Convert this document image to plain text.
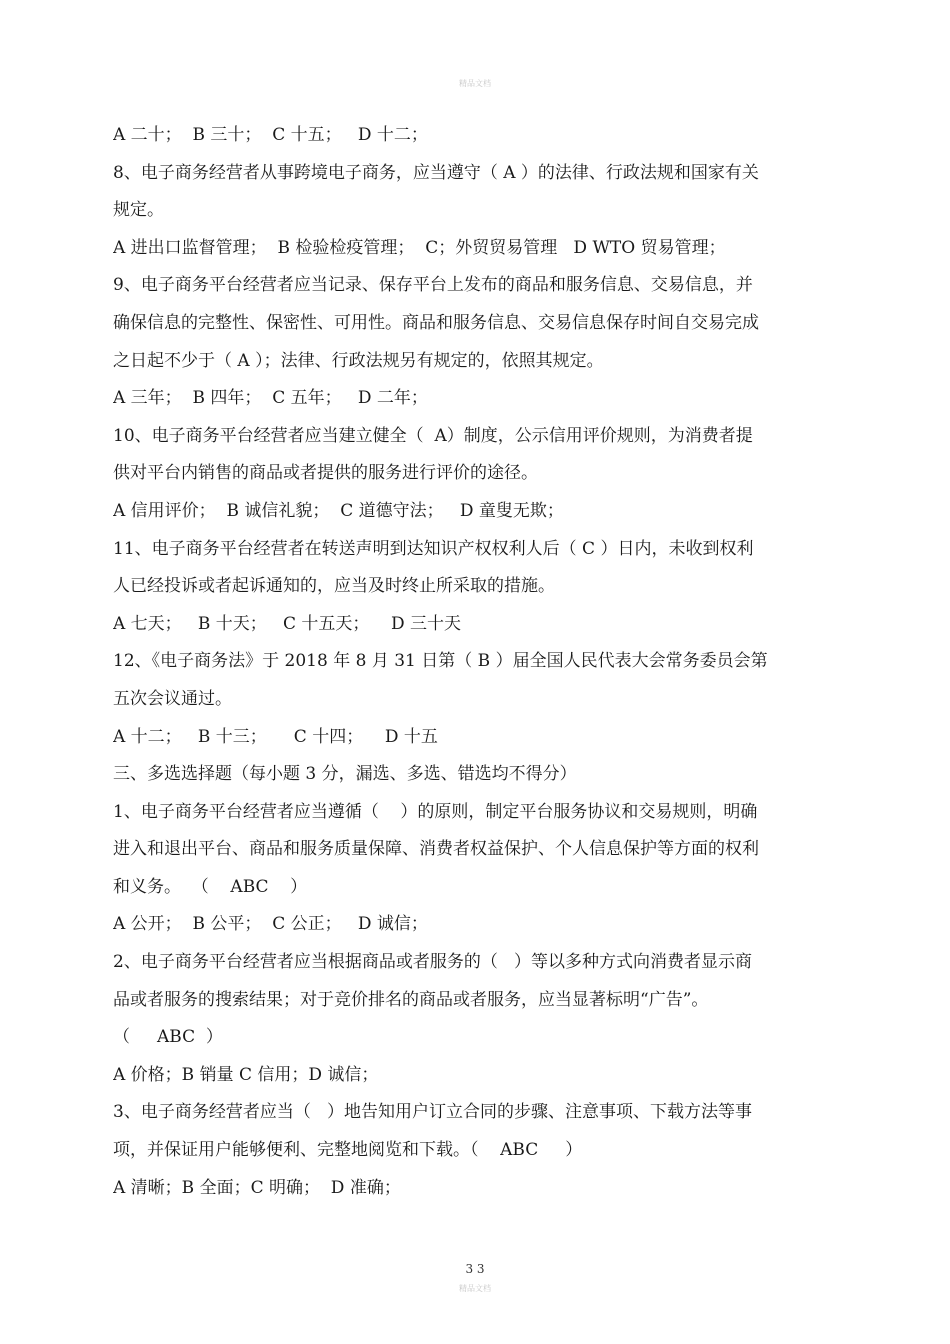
精品文档
A 二十；  B 三十；  C 十五；   D 十二；
8、电子商务经营者从事跨境电子商务，应当遵守（ A ）的法律、行政法规和国家有关
规定。
A 进出口监督管理；  B 检验检疫管理；  C；外贸贸易管理   D WTO 贸易管理；
9、电子商务平台经营者应当记录、保存平台上发布的商品和服务信息、交易信息，并
确保信息的完整性、保密性、可用性。商品和服务信息、交易信息保存时间自交易完成
之日起不少于（ A ）；法律、行政法规另有规定的，依照其规定。
A 三年；  B 四年；  C 五年；   D 二年；
10、电子商务平台经营者应当建立健全（  A）制度，公示信用评价规则，为消费者提
供对平台内销售的商品或者提供的服务进行评价的途径。
A 信用评价；  B 诚信礼貌；  C 道德守法；   D 童叟无欺；
11、电子商务平台经营者在转送声明到达知识产权权利人后（ C ）日内，未收到权利
人已经投诉或者起诉通知的，应当及时终止所采取的措施。
A 七天；   B 十天；   C 十五天；    D 三十天
12、《电子商务法》于 2018 年 8 月 31 日第（ B ）届全国人民代表大会常务委员会第
五次会议通过。
A 十二；   B 十三；     C 十四；    D 十五
三、多选选择题（每小题 3 分，漏选、多选、错选均不得分）
1、电子商务平台经营者应当遵循（    ）的原则，制定平台服务协议和交易规则，明确
进入和退出平台、商品和服务质量保障、消费者权益保护、个人信息保护等方面的权利
和义务。  （    ABC    ）
A 公开；  B 公平；  C 公正；   D 诚信；
2、电子商务平台经营者应当根据商品或者服务的（   ）等以多种方式向消费者显示商
品或者服务的搜索结果；对于竞价排名的商品或者服务，应当显著标明“广告”。
（     ABC  ）
A 价格；B 销量 C 信用；D 诚信；
3、电子商务经营者应当（   ）地告知用户订立合同的步骤、注意事项、下载方法等事
项，并保证用户能够便利、完整地阅览和下载。（    ABC     ）
A 清晰；B 全面；C 明确；  D 准确；
3 3
精品文档
